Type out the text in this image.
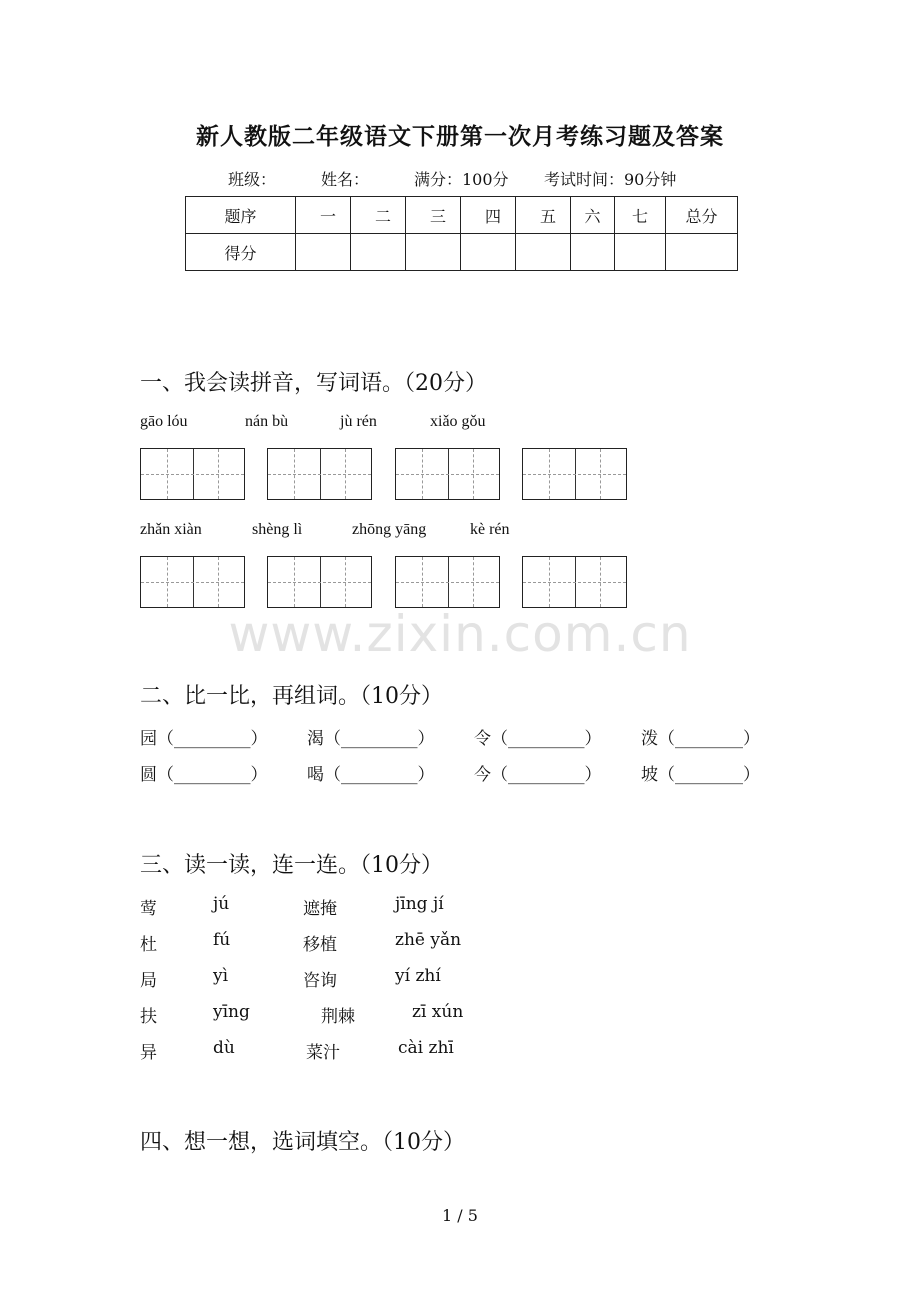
新人教版二年级语文下册第一次月考练习题及答案
班级：	姓名：	满分：100分 考试时间：90分钟
题序	一	二	三	四	五	六	七	总分
得分								
一、我会读拼音，写词语。（20分）
gāo lóu	nán bù	jù rén	xiǎo gǒu
zhǎn xiàn	shèng lì	zhōng yāng	kè rén
www.zixin.com.cn
二、比一比，再组词。（10分）
园（_________） 渴（_________） 令（_________） 泼（________）
圆（_________） 喝（_________） 今（_________） 坡（________）
三、读一读，连一连。（10分）
莺	jú	遮掩	jīng jí
杜	fú	移植	zhē yǎn
局	yì	咨询	yí zhí
扶	yīng	荆棘	zī xún
异	dù	菜汁	cài zhī
四、想一想，选词填空。（10分）
1 / 5
